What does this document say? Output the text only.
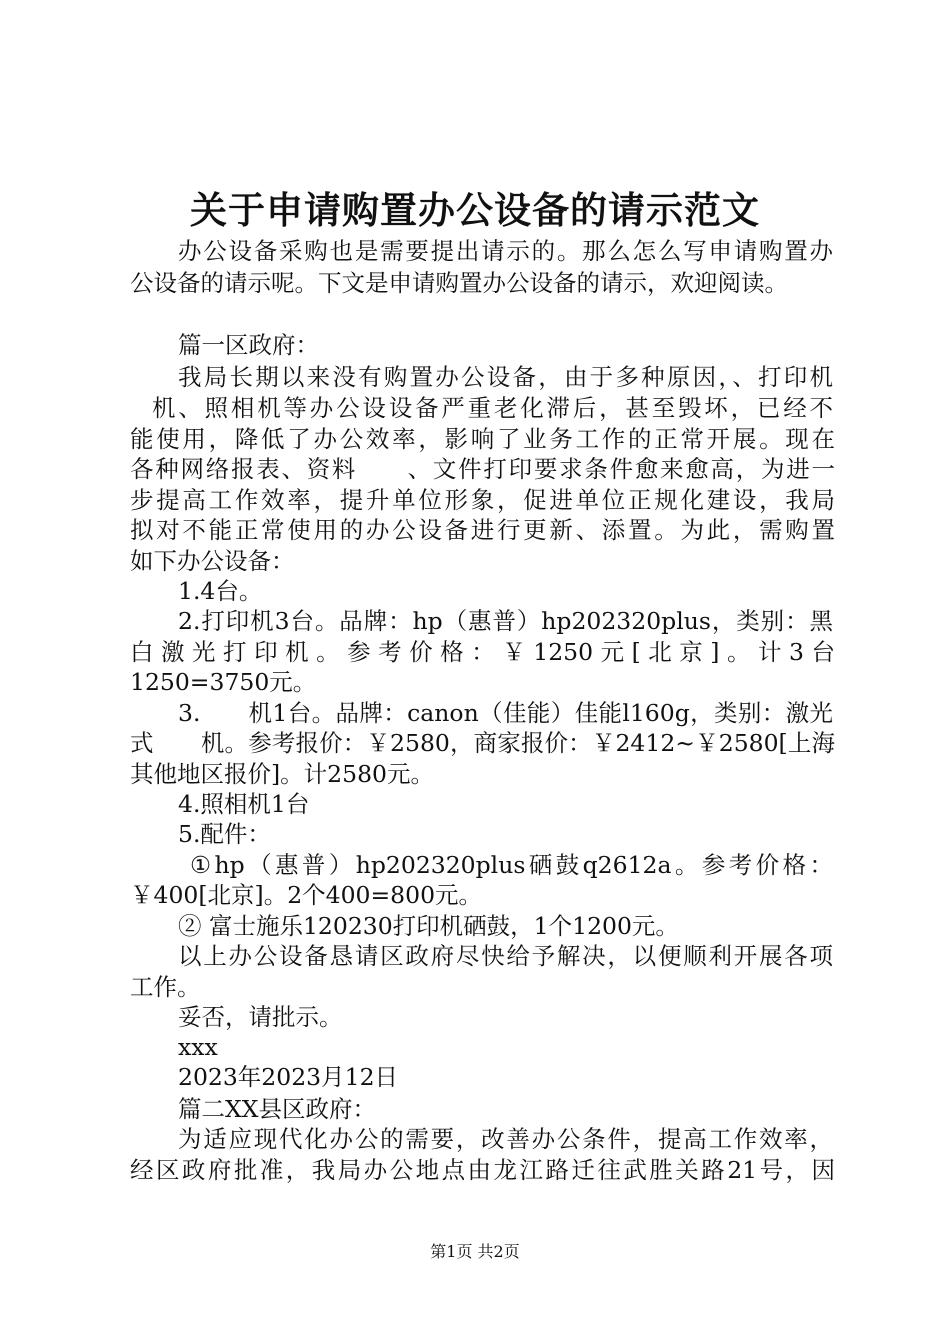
关于申请购置办公设备的请示范文
办公设备采购也是需要提出请示的。那么怎么写申请购置办
公设备的请示呢。下文是申请购置办公设备的请示，欢迎阅读。
篇一区政府：
我局长期以来没有购置办公设备，由于多种原因，、打印机
机、照相机等办公设设备严重老化滞后，甚至毁坏，已经不
能使用，降低了办公效率，影响了业务工作的正常开展。现在
各种网络报表、资料　　、文件打印要求条件愈来愈高，为进一
步提高工作效率，提升单位形象，促进单位正规化建设，我局
拟对不能正常使用的办公设备进行更新、添置。为此，需购置
如下办公设备：
1.4台。
2.打印机3台。品牌：hp（惠普）hp202320plus，类别：黑
白激光打印机。参考价格：￥1250元[北京]。计3台
1250=3750元。
3.　　机1台。品牌：canon（佳能）佳能l160g，类别：激光
式　　机。参考报价：￥2580，商家报价：￥2412~￥2580[上海
其他地区报价]。计2580元。
4.照相机1台
5.配件：
①hp（惠普）hp202320plus硒鼓q2612a。参考价格：
￥400[北京]。2个400=800元。
② 富士施乐120230打印机硒鼓，1个1200元。
以上办公设备恳请区政府尽快给予解决，以便顺利开展各项
工作。
妥否，请批示。
xxx
2023年2023月12日
篇二XX县区政府：
为适应现代化办公的需要，改善办公条件，提高工作效率，
经区政府批准，我局办公地点由龙江路迁往武胜关路21号，因
第1页 共2页
